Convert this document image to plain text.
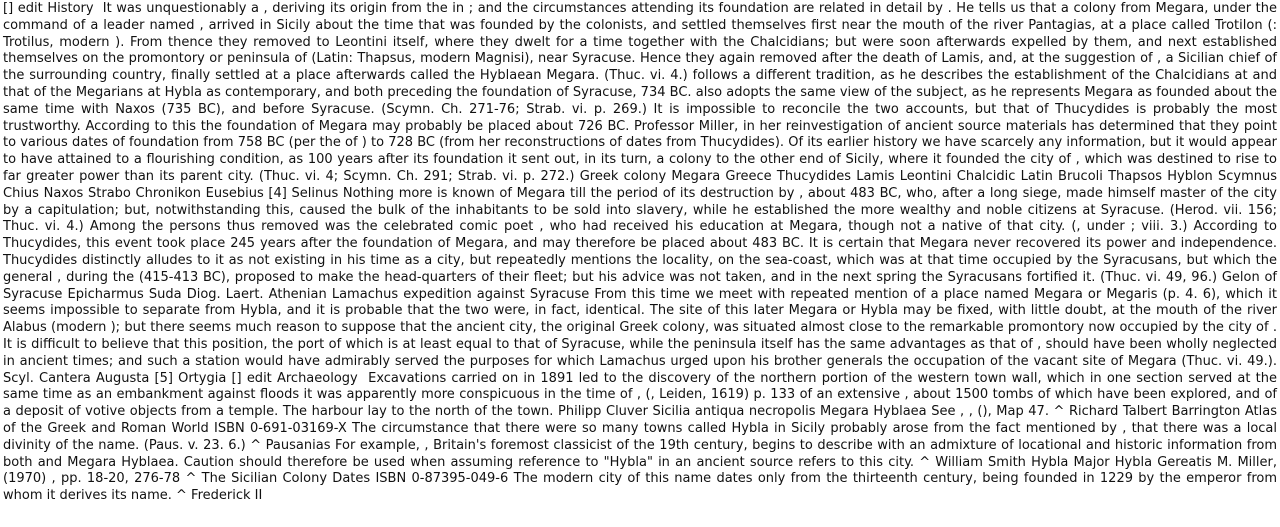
[] edit History It was unquestionably a , deriving its origin from the in ; and the circumstances attending its foundation are related in detail by . He tells us that a colony from Megara, under the command of a leader named , arrived in Sicily about the time that was founded by the colonists, and settled themselves first near the mouth of the river Pantagias, at a place called Trotilon (: Trotilus, modern ). From thence they removed to Leontini itself, where they dwelt for a time together with the Chalcidians; but were soon afterwards expelled by them, and next established themselves on the promontory or peninsula of (Latin: Thapsus, modern Magnisi), near Syracuse. Hence they again removed after the death of Lamis, and, at the suggestion of , a Sicilian chief of the surrounding country, finally settled at a place afterwards called the Hyblaean Megara. (Thuc. vi. 4.) follows a different tradition, as he describes the establishment of the Chalcidians at and that of the Megarians at Hybla as contemporary, and both preceding the foundation of Syracuse, 734 BC. also adopts the same view of the subject, as he represents Megara as founded about the same time with Naxos (735 BC), and before Syracuse. (Scymn. Ch. 271-76; Strab. vi. p. 269.) It is impossible to reconcile the two accounts, but that of Thucydides is probably the most trustworthy. According to this the foundation of Megara may probably be placed about 726 BC. Professor Miller, in her reinvestigation of ancient source materials has determined that they point to various dates of foundation from 758 BC (per the of ) to 728 BC (from her reconstructions of dates from Thucydides). Of its earlier history we have scarcely any information, but it would appear to have attained to a flourishing condition, as 100 years after its foundation it sent out, in its turn, a colony to the other end of Sicily, where it founded the city of , which was destined to rise to far greater power than its parent city. (Thuc. vi. 4; Scymn. Ch. 291; Strab. vi. p. 272.) Greek colony Megara Greece Thucydides Lamis Leontini Chalcidic Latin Brucoli Thapsos Hyblon Scymnus Chius Naxos Strabo Chronikon Eusebius [4] Selinus Nothing more is known of Megara till the period of its destruction by , about 483 BC, who, after a long siege, made himself master of the city by a capitulation; but, notwithstanding this, caused the bulk of the inhabitants to be sold into slavery, while he established the more wealthy and noble citizens at Syracuse. (Herod. vii. 156; Thuc. vi. 4.) Among the persons thus removed was the celebrated comic poet , who had received his education at Megara, though not a native of that city. (, under ; viii. 3.) According to Thucydides, this event took place 245 years after the foundation of Megara, and may therefore be placed about 483 BC. It is certain that Megara never recovered its power and independence. Thucydides distinctly alludes to it as not existing in his time as a city, but repeatedly mentions the locality, on the sea-coast, which was at that time occupied by the Syracusans, but which the general , during the (415-413 BC), proposed to make the head-quarters of their fleet; but his advice was not taken, and in the next spring the Syracusans fortified it. (Thuc. vi. 49, 96.) Gelon of Syracuse Epicharmus Suda Diog. Laert. Athenian Lamachus expedition against Syracuse From this time we meet with repeated mention of a place named Megara or Megaris (p. 4. 6), which it seems impossible to separate from Hybla, and it is probable that the two were, in fact, identical. The site of this later Megara or Hybla may be fixed, with little doubt, at the mouth of the river Alabus (modern ); but there seems much reason to suppose that the ancient city, the original Greek colony, was situated almost close to the remarkable promontory now occupied by the city of . It is difficult to believe that this position, the port of which is at least equal to that of Syracuse, while the peninsula itself has the same advantages as that of , should have been wholly neglected in ancient times; and such a station would have admirably served the purposes for which Lamachus urged upon his brother generals the occupation of the vacant site of Megara (Thuc. vi. 49.). Scyl. Cantera Augusta [5] Ortygia [] edit Archaeology Excavations carried on in 1891 led to the discovery of the northern portion of the western town wall, which in one section served at the same time as an embankment against floods it was apparently more conspicuous in the time of , (, Leiden, 1619) p. 133 of an extensive , about 1500 tombs of which have been explored, and of a deposit of votive objects from a temple. The harbour lay to the north of the town. Philipp Cluver Sicilia antiqua necropolis Megara Hyblaea See , , (), Map 47. ^ Richard Talbert Barrington Atlas of the Greek and Roman World ISBN 0-691-03169-X The circumstance that there were so many towns called Hybla in Sicily probably arose from the fact mentioned by , that there was a local divinity of the name. (Paus. v. 23. 6.) ^ Pausanias For example, , Britain's foremost classicist of the 19th century, begins to describe with an admixture of locational and historic information from both and Megara Hyblaea. Caution should therefore be used when assuming reference to "Hybla" in an ancient source refers to this city. ^ William Smith Hybla Major Hybla Gereatis M. Miller, (1970) , pp. 18-20, 276-78 ^ The Sicilian Colony Dates ISBN 0-87395-049-6 The modern city of this name dates only from the thirteenth century, being founded in 1229 by the emperor from whom it derives its name. ^ Frederick II
